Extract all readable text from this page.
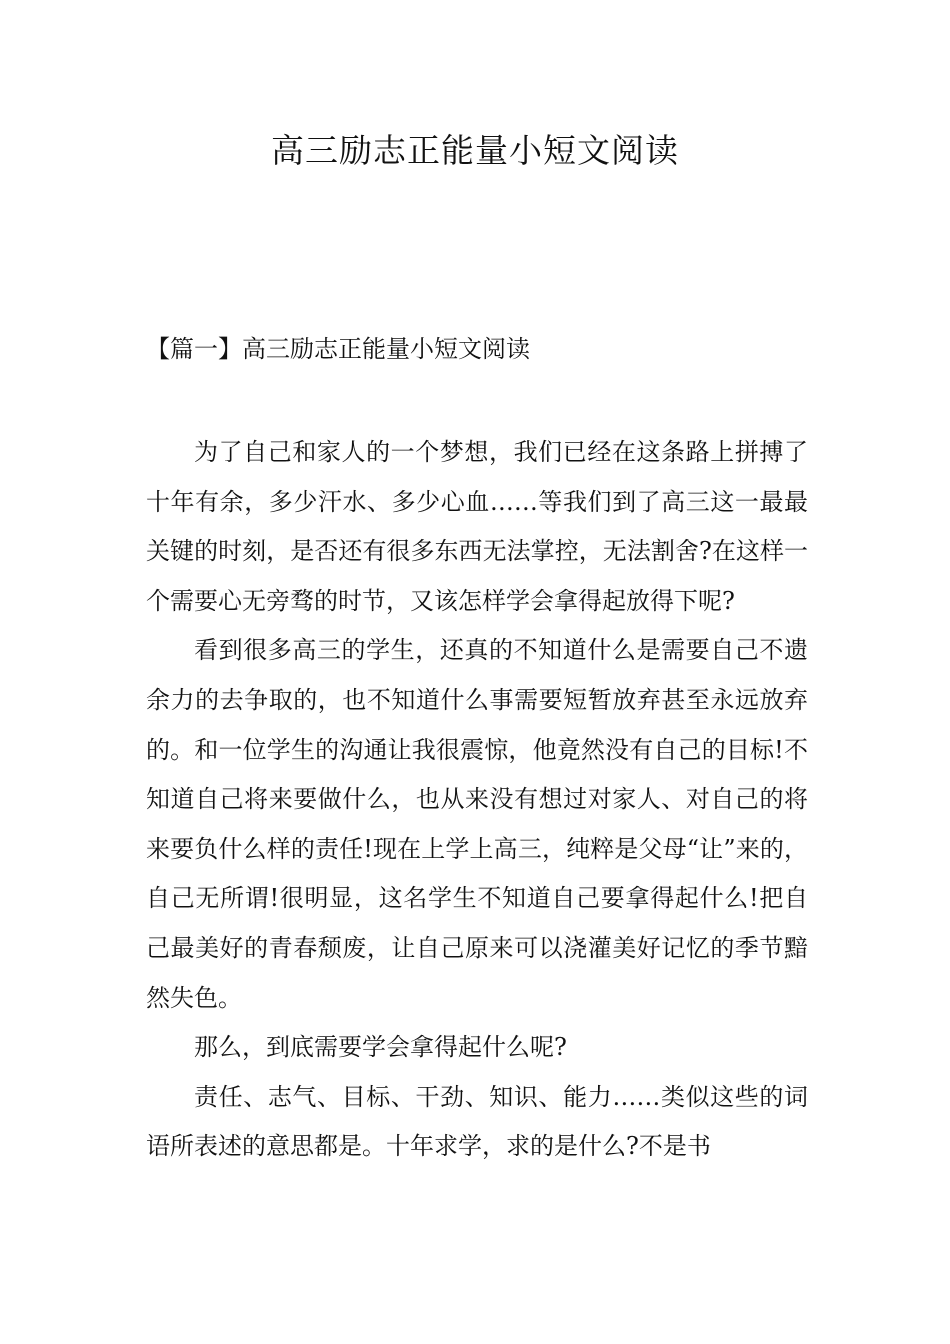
高三励志正能量小短文阅读
【篇一】高三励志正能量小短文阅读

为了自己和家人的一个梦想，我们已经在这条路上拼搏了十年有余，多少汗水、多少心血……等我们到了高三这一最最关键的时刻，是否还有很多东西无法掌控，无法割舍?在这样一个需要心无旁骛的时节，又该怎样学会拿得起放得下呢?

看到很多高三的学生，还真的不知道什么是需要自己不遗余力的去争取的，也不知道什么事需要短暂放弃甚至永远放弃的。和一位学生的沟通让我很震惊，他竟然没有自己的目标!不知道自己将来要做什么，也从来没有想过对家人、对自己的将来要负什么样的责任!现在上学上高三，纯粹是父母“让”来的，自己无所谓!很明显，这名学生不知道自己要拿得起什么!把自己最美好的青春颓废，让自己原来可以浇灌美好记忆的季节黯然失色。

那么，到底需要学会拿得起什么呢?

责任、志气、目标、干劲、知识、能力……类似这些的词语所表述的意思都是。十年求学，求的是什么?不是书
